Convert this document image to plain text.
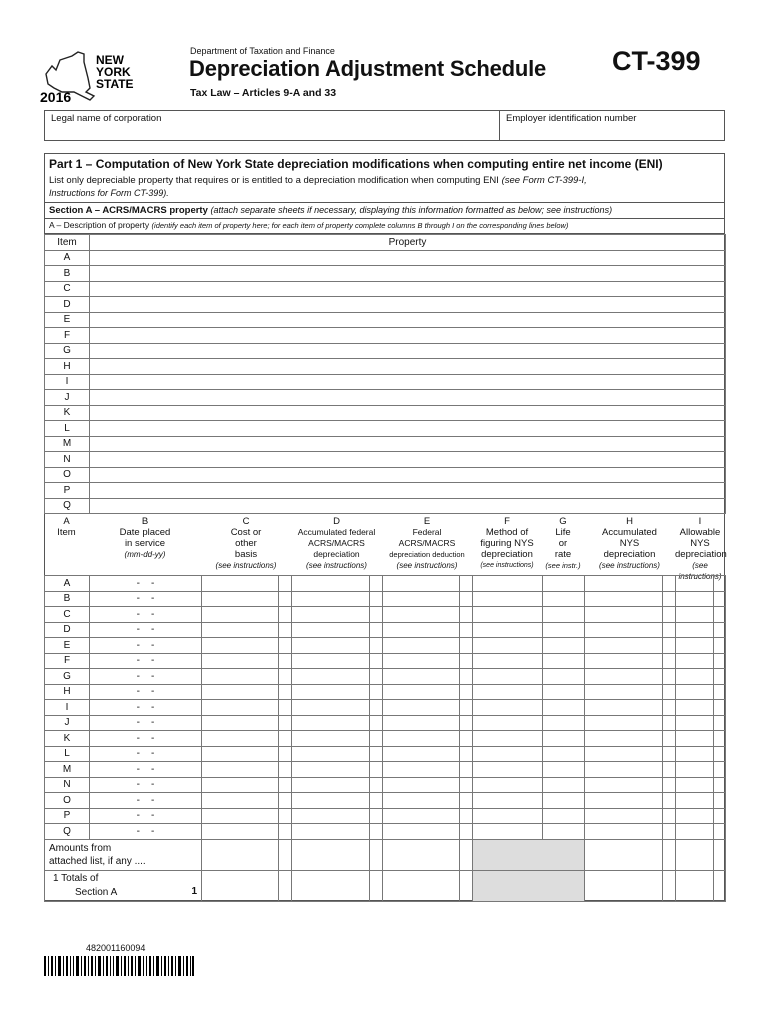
NEW
YORK
STATE
2016
Department of Taxation and Finance
Depreciation Adjustment Schedule
Tax Law – Articles 9-A and 33
CT-399
Legal name of corporation	Employer identification number
Part 1 – Computation of New York State depreciation modifications when computing entire net income (ENI)
List only depreciable property that requires or is entitled to a depreciation modification when computing ENI (see Form CT-399-I,
Instructions for Form CT-399).
Section A – ACRS/MACRS property (attach separate sheets if necessary, displaying this information formatted as below; see instructions)
A – Description of property (identify each item of property here; for each item of property complete columns B through I on the corresponding lines below)
Item	Property
A	
B	
C	
D	
E	
F	
G	
H	
I	
J	
K	
L	
M	
N	
O	
P	
Q	
A
Item
B
Date placed
in service
(mm-dd-yy)
C
Cost or
other
basis
(see instructions)
D
Accumulated federal
ACRS/MACRS
depreciation
(see instructions)
E
Federal
ACRS/MACRS
depreciation deduction
(see instructions)
F
Method of
figuring NYS
depreciation
(see instructions)
G
Life
or
rate
(see instr.)
H
Accumulated
NYS
depreciation
(see instructions)
I
Allowable
NYS
depreciation
(see instructions)
A	-    -												
B	-    -												
C	-    -												
D	-    -												
E	-    -												
F	-    -												
G	-    -												
H	-    -												
I	-    -												
J	-    -												
K	-    -												
L	-    -												
M	-    -												
N	-    -												
O	-    -												
P	-    -												
Q	-    -												

Amounts from
attached list, if any ....													

1 Totals of
Section A 1													

482001160094
